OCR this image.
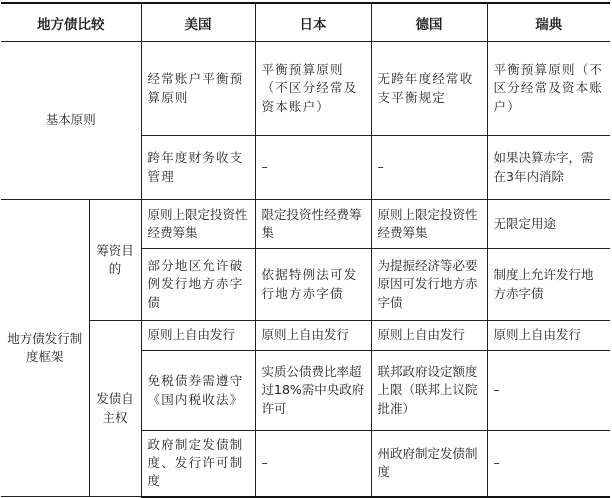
地方债比较		美国	日本	德国	瑞典
基本原则		经常账户平衡预算原则	平衡预算原则（不区分经常及资本账户）	无跨年度经常收支平衡规定	平衡预算原则（不区分经常及资本账户）
		跨年度财务收支管理	–	–	如果决算赤字，需在3年内消除
地方债发行制度框架	筹资目的	原则上限定投资性经费筹集	限定投资性经费筹集	原则上限定投资性经费筹集	无限定用途
		部分地区允许破例发行地方赤字债	依据特例法可发行地方赤字债	为提振经济等必要原因可发行地方赤字债	制度上允许发行地方赤字债
	发债自主权	原则上自由发行	原则上自由发行	原则上自由发行	原则上自由发行
		免税债券需遵守《国内税收法》	实质公债费比率超过18%需中央政府许可	联邦政府设定额度上限（联邦上议院批准）	–
		政府制定发债制度、发行许可制度	–	州政府制定发债制度	–
